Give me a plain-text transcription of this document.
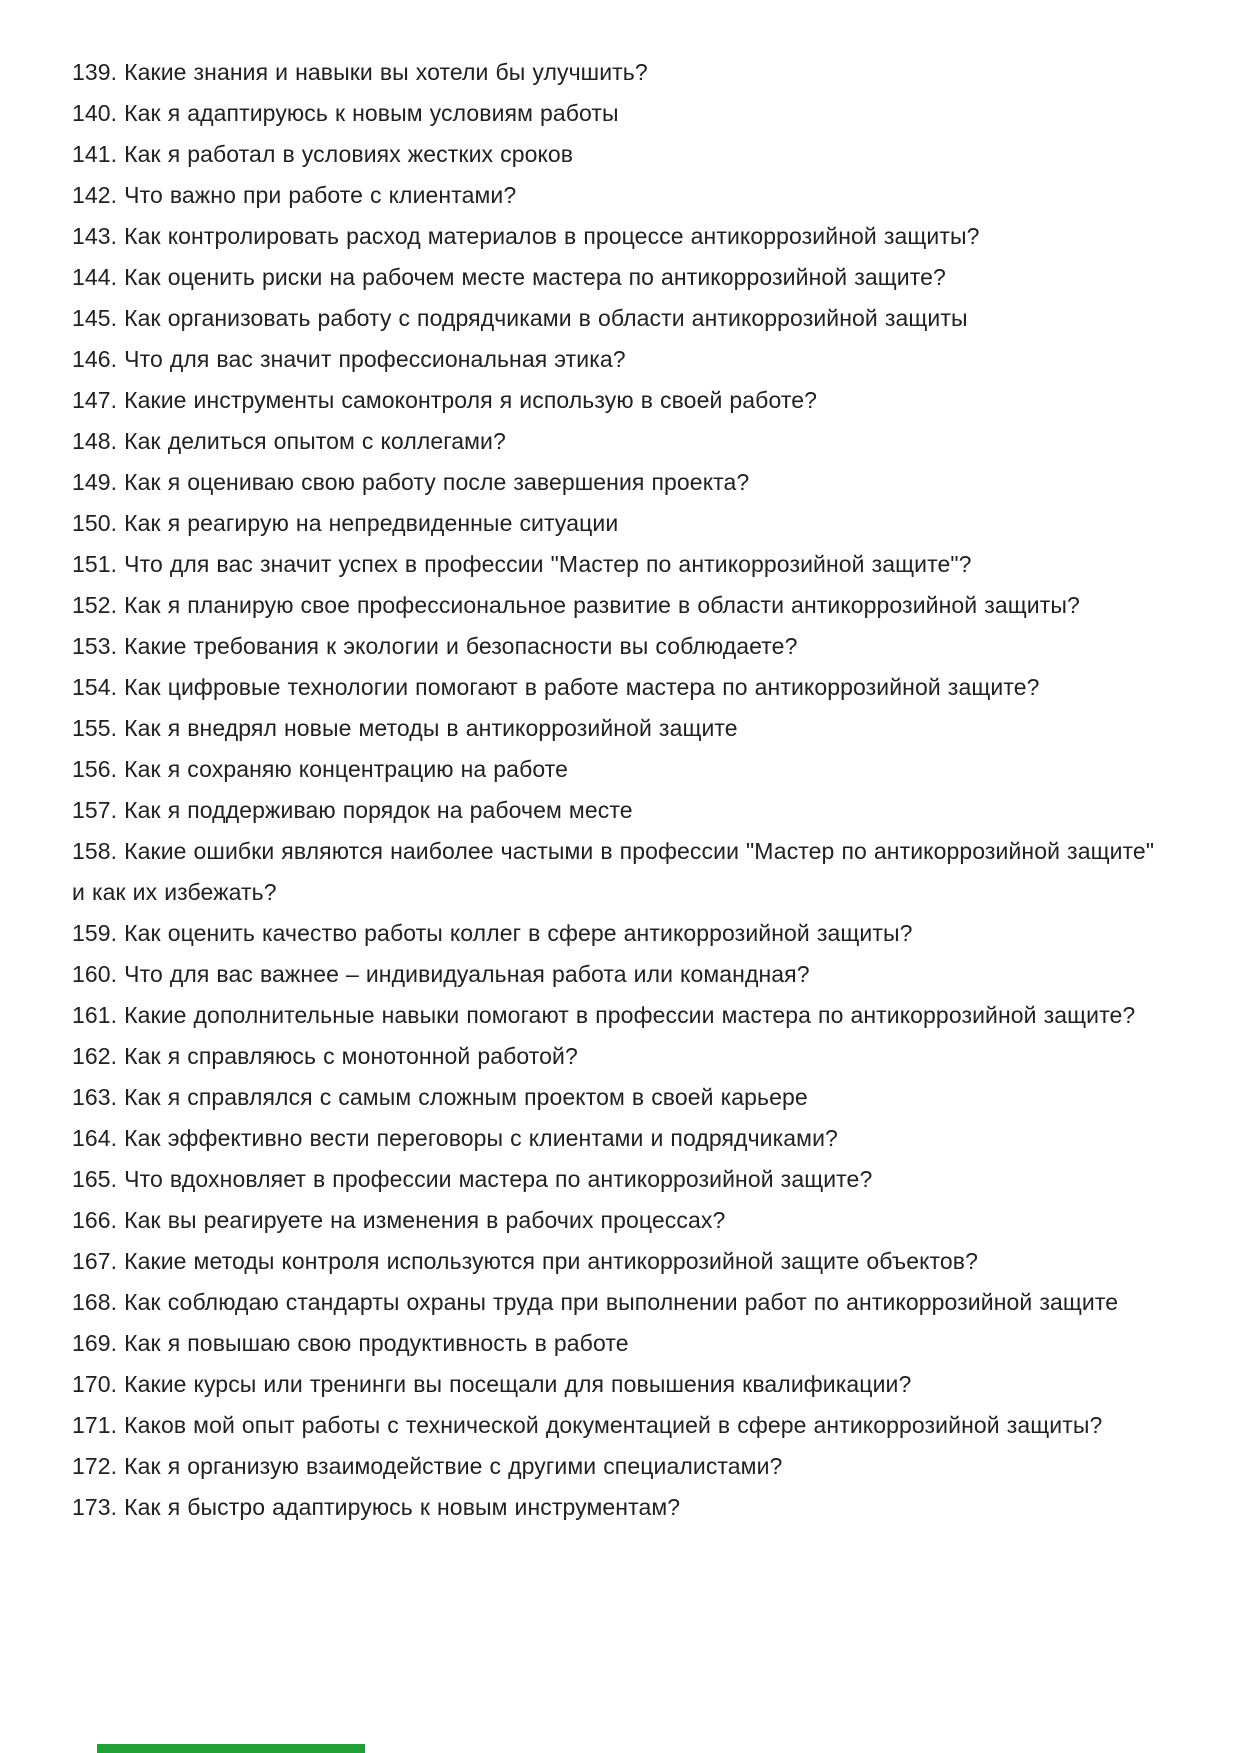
139. Какие знания и навыки вы хотели бы улучшить?

140. Как я адаптируюсь к новым условиям работы

141. Как я работал в условиях жестких сроков

142. Что важно при работе с клиентами?

143. Как контролировать расход материалов в процессе антикоррозийной защиты?

144. Как оценить риски на рабочем месте мастера по антикоррозийной защите?

145. Как организовать работу с подрядчиками в области антикоррозийной защиты

146. Что для вас значит профессиональная этика?

147. Какие инструменты самоконтроля я использую в своей работе?

148. Как делиться опытом с коллегами?

149. Как я оцениваю свою работу после завершения проекта?

150. Как я реагирую на непредвиденные ситуации

151. Что для вас значит успех в профессии "Мастер по антикоррозийной защите"?

152. Как я планирую свое профессиональное развитие в области антикоррозийной защиты?

153. Какие требования к экологии и безопасности вы соблюдаете?

154. Как цифровые технологии помогают в работе мастера по антикоррозийной защите?

155. Как я внедрял новые методы в антикоррозийной защите

156. Как я сохраняю концентрацию на работе

157. Как я поддерживаю порядок на рабочем месте

158. Какие ошибки являются наиболее частыми в профессии "Мастер по антикоррозийной защите" и как их избежать?

159. Как оценить качество работы коллег в сфере антикоррозийной защиты?

160. Что для вас важнее – индивидуальная работа или командная?

161. Какие дополнительные навыки помогают в профессии мастера по антикоррозийной защите?

162. Как я справляюсь с монотонной работой?

163. Как я справлялся с самым сложным проектом в своей карьере

164. Как эффективно вести переговоры с клиентами и подрядчиками?

165. Что вдохновляет в профессии мастера по антикоррозийной защите?

166. Как вы реагируете на изменения в рабочих процессах?

167. Какие методы контроля используются при антикоррозийной защите объектов?

168. Как соблюдаю стандарты охраны труда при выполнении работ по антикоррозийной защите

169. Как я повышаю свою продуктивность в работе

170. Какие курсы или тренинги вы посещали для повышения квалификации?

171. Каков мой опыт работы с технической документацией в сфере антикоррозийной защиты?

172. Как я организую взаимодействие с другими специалистами?

173. Как я быстро адаптируюсь к новым инструментам?
